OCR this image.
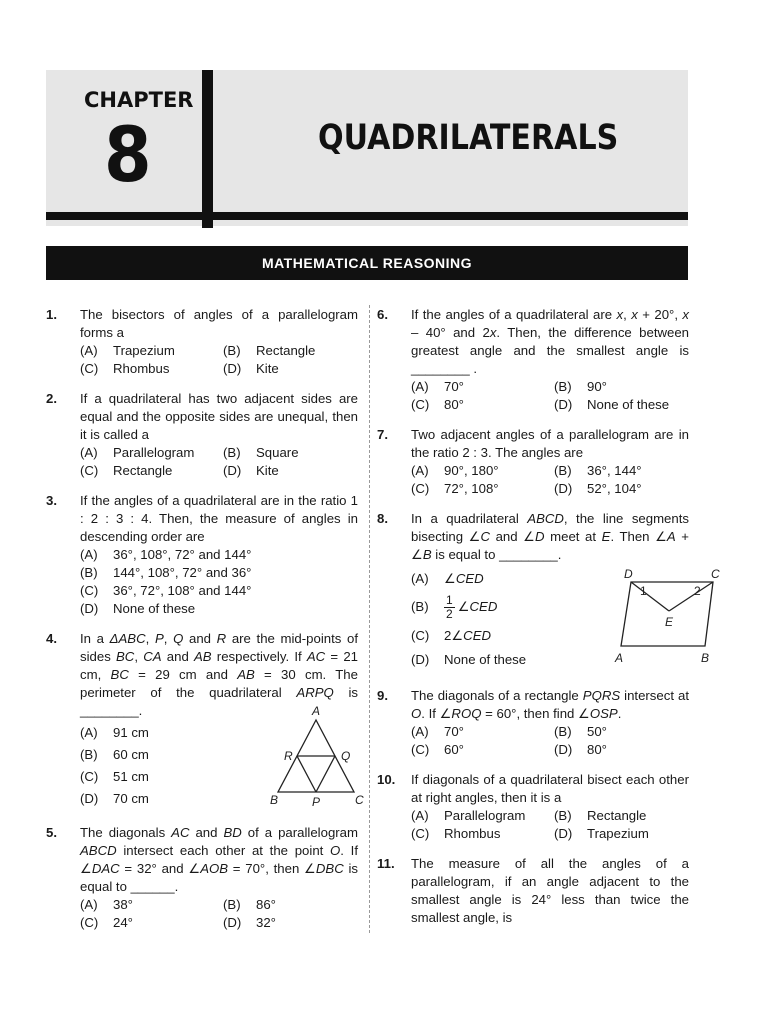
CHAPTER
8	QUADRILATERALS
MATHEMATICAL REASONING
1. The bisectors of angles of a parallelogram forms a
(A) Trapezium	(B) Rectangle
(C) Rhombus	(D) Kite
2. If a quadrilateral has two adjacent sides are equal and the opposite sides are unequal, then it is called a
(A) Parallelogram	(B) Square
(C) Rectangle	(D) Kite
3. If the angles of a quadrilateral are in the ratio 1 : 2 : 3 : 4. Then, the measure of angles in descending order are
(A) 36°, 108°, 72° and 144°
(B) 144°, 108°, 72° and 36°
(C) 36°, 72°, 108° and 144°
(D) None of these
4. In a ΔABC, P, Q and R are the mid-points of sides BC, CA and AB respectively. If AC = 21 cm, BC = 29 cm and AB = 30 cm. The perimeter of the quadrilateral ARPQ is ________.
(A) 91 cm
(B) 60 cm
(C) 51 cm
(D) 70 cm
A
R	Q
B	P	C
5. The diagonals AC and BD of a parallelogram ABCD intersect each other at the point O. If ∠DAC = 32° and ∠AOB = 70°, then ∠DBC is equal to ______.
(A) 38°	(B) 86°
(C) 24°	(D) 32°
6. If the angles of a quadrilateral are x, x + 20°, x – 40° and 2x. Then, the difference between greatest angle and the smallest angle is ________ .
(A) 70°	(B) 90°
(C) 80°	(D) None of these
7. Two adjacent angles of a parallelogram are in the ratio 2 : 3. The angles are
(A) 90°, 180°	(B) 36°, 144°
(C) 72°, 108°	(D) 52°, 104°
8. In a quadrilateral ABCD, the line segments bisecting ∠C and ∠D meet at E. Then ∠A + ∠B is equal to ________.
(A) ∠CED
$(B) \frac{1}{2}$ ∠CED
(C) 2∠CED
(D) None of these
D	C
1	2
E
A	B
9. The diagonals of a rectangle PQRS intersect at O. If ∠ROQ = 60°, then find ∠OSP.
(A) 70°	(B) 50°
(C) 60°	(D) 80°
10. If diagonals of a quadrilateral bisect each other at right angles, then it is a
(A) Parallelogram	(B) Rectangle
(C) Rhombus	(D) Trapezium
11. The measure of all the angles of a parallelogram, if an angle adjacent to the smallest angle is 24° less than twice the smallest angle, is
